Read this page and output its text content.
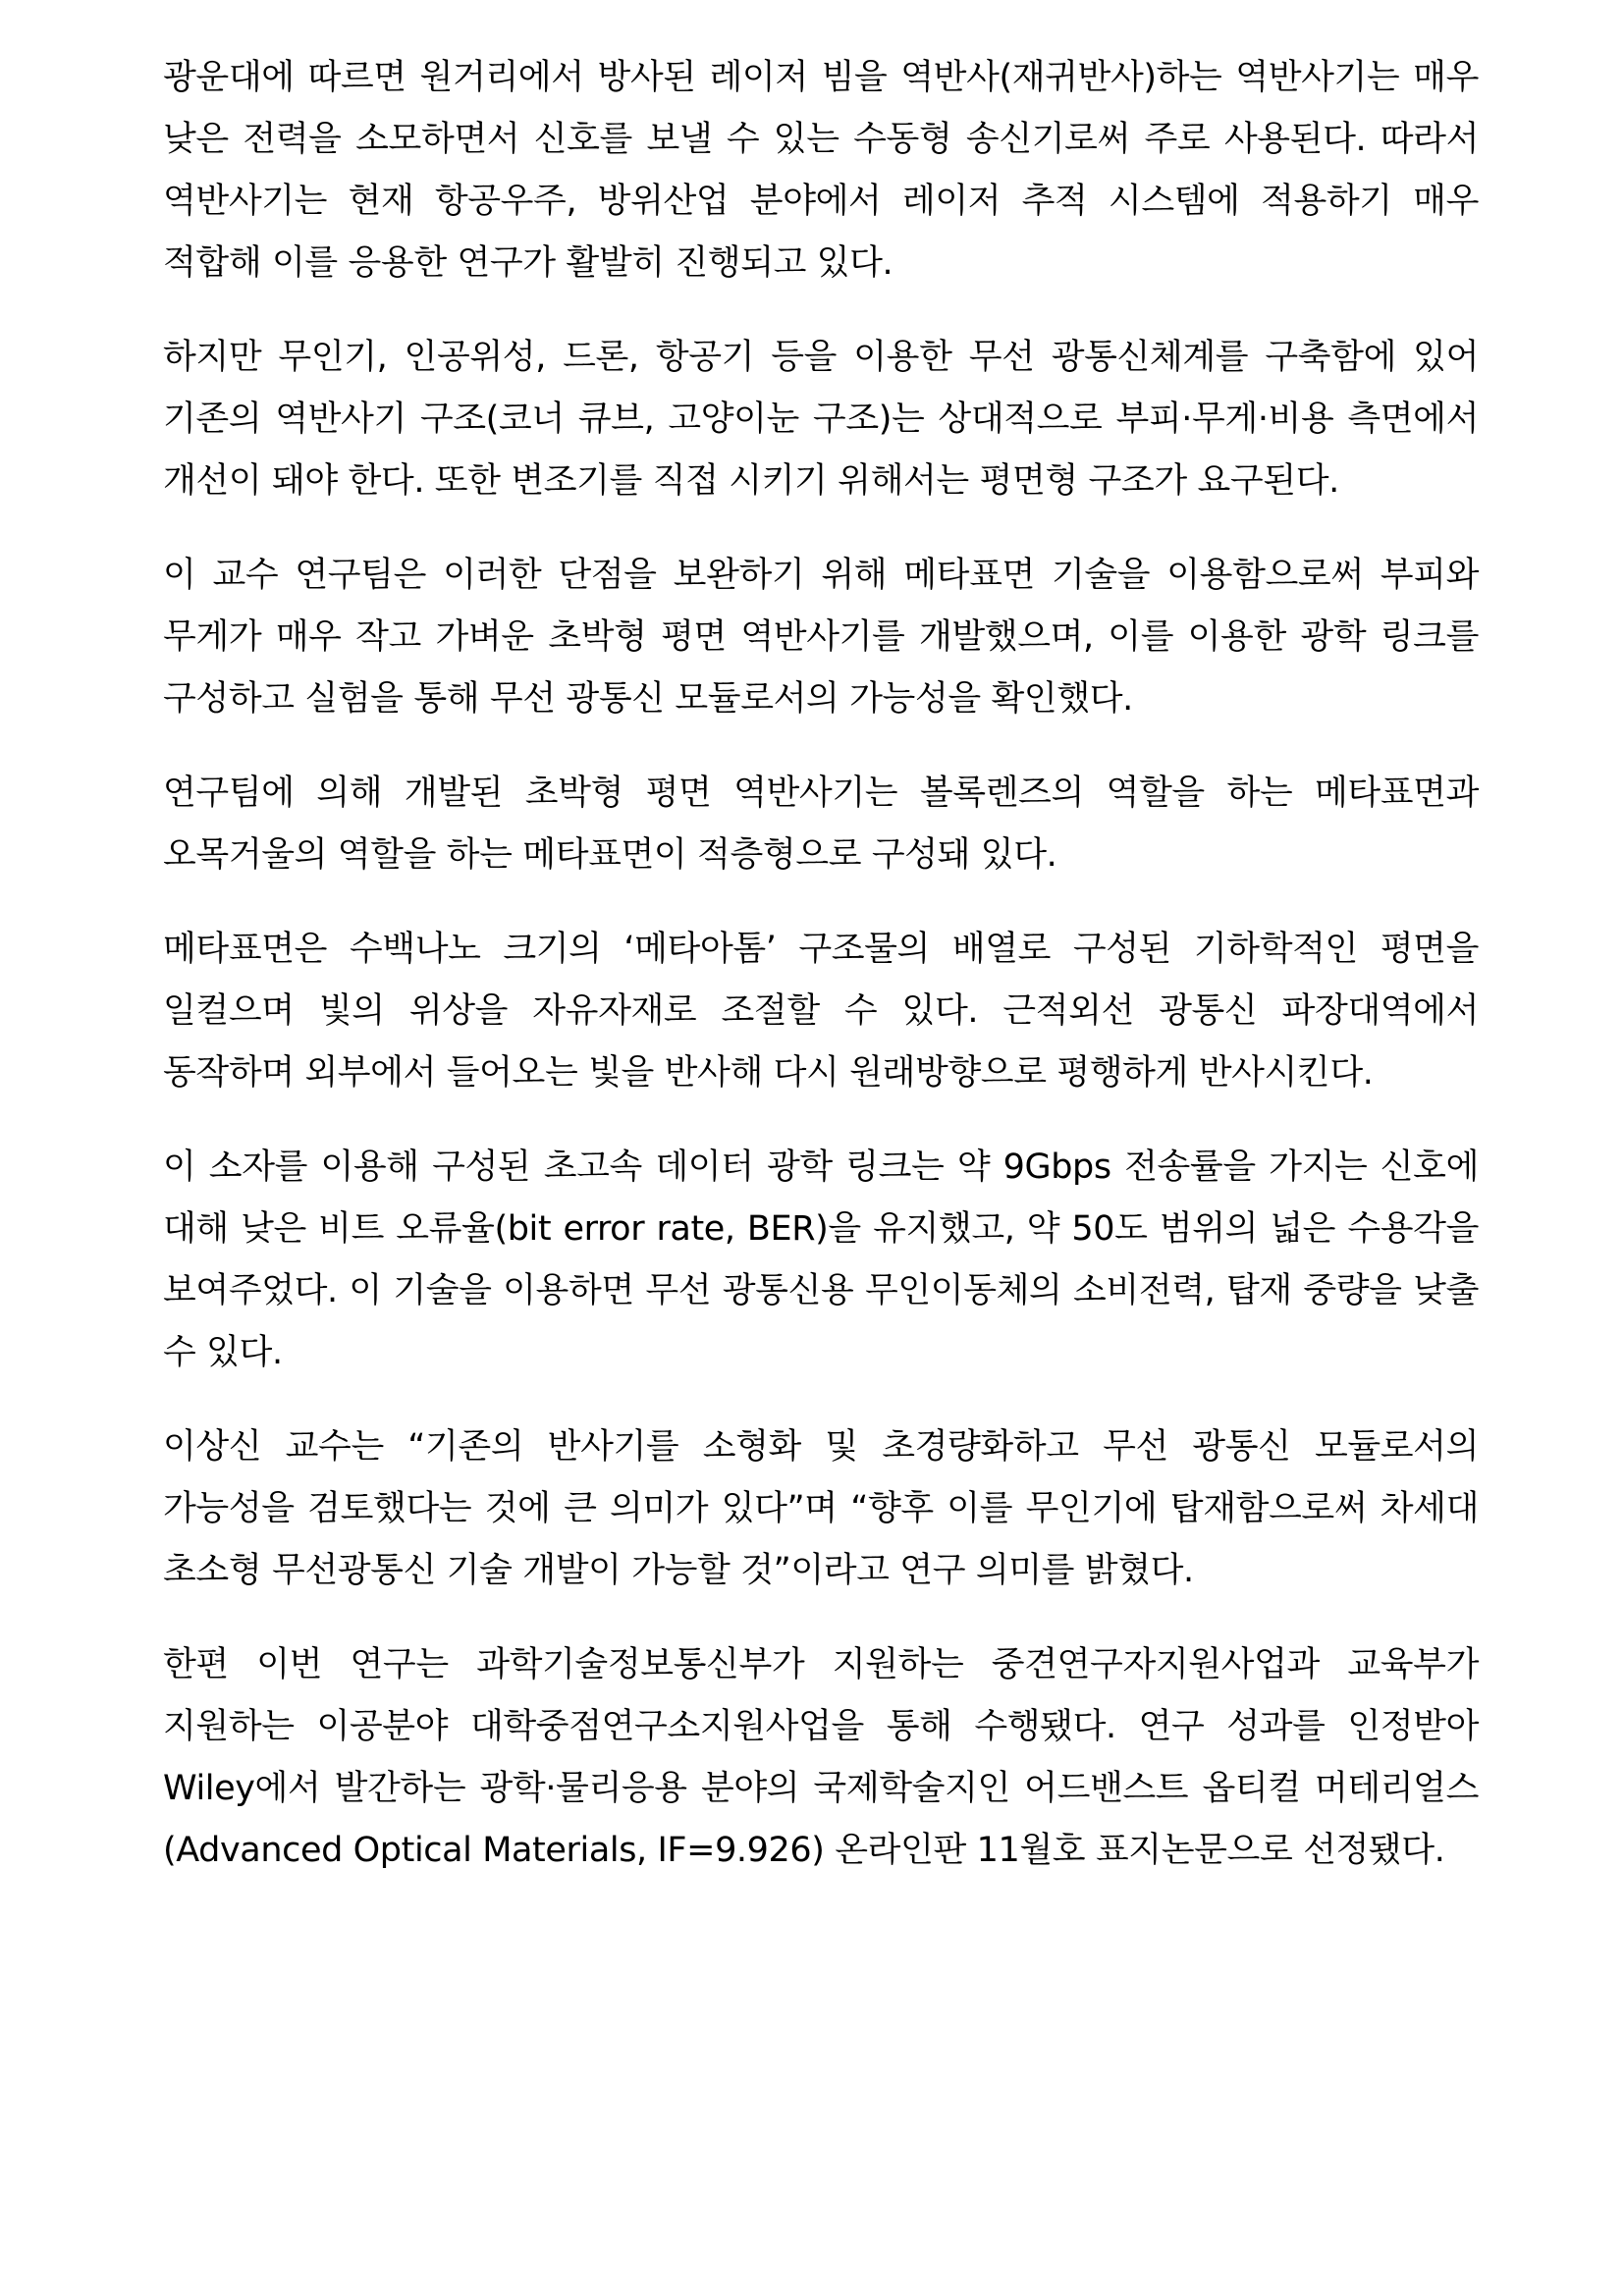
광운대에 따르면 원거리에서 방사된 레이저 빔을 역반사(재귀반사)하는 역반사기는 매우 낮은 전력을 소모하면서 신호를 보낼 수 있는 수동형 송신기로써 주로 사용된다. 따라서 역반사기는 현재 항공우주, 방위산업 분야에서 레이저 추적 시스템에 적용하기 매우 적합해 이를 응용한 연구가 활발히 진행되고 있다.

하지만 무인기, 인공위성, 드론, 항공기 등을 이용한 무선 광통신체계를 구축함에 있어 기존의 역반사기 구조(코너 큐브, 고양이눈 구조)는 상대적으로 부피·무게·비용 측면에서 개선이 돼야 한다. 또한 변조기를 직접 시키기 위해서는 평면형 구조가 요구된다.

이 교수 연구팀은 이러한 단점을 보완하기 위해 메타표면 기술을 이용함으로써 부피와 무게가 매우 작고 가벼운 초박형 평면 역반사기를 개발했으며, 이를 이용한 광학 링크를 구성하고 실험을 통해 무선 광통신 모듈로서의 가능성을 확인했다.

연구팀에 의해 개발된 초박형 평면 역반사기는 볼록렌즈의 역할을 하는 메타표면과 오목거울의 역할을 하는 메타표면이 적층형으로 구성돼 있다.

메타표면은 수백나노 크기의 ‘메타아톰’ 구조물의 배열로 구성된 기하학적인 평면을 일컬으며 빛의 위상을 자유자재로 조절할 수 있다. 근적외선 광통신 파장대역에서 동작하며 외부에서 들어오는 빛을 반사해 다시 원래방향으로 평행하게 반사시킨다.

이 소자를 이용해 구성된 초고속 데이터 광학 링크는 약 9Gbps 전송률을 가지는 신호에 대해 낮은 비트 오류율(bit error rate, BER)을 유지했고, 약 50도 범위의 넓은 수용각을 보여주었다. 이 기술을 이용하면 무선 광통신용 무인이동체의 소비전력, 탑재 중량을 낮출 수 있다.

이상신 교수는 “기존의 반사기를 소형화 및 초경량화하고 무선 광통신 모듈로서의 가능성을 검토했다는 것에 큰 의미가 있다”며 “향후 이를 무인기에 탑재함으로써 차세대 초소형 무선광통신 기술 개발이 가능할 것”이라고 연구 의미를 밝혔다.

한편 이번 연구는 과학기술정보통신부가 지원하는 중견연구자지원사업과 교육부가 지원하는 이공분야 대학중점연구소지원사업을 통해 수행됐다. 연구 성과를 인정받아 Wiley에서 발간하는 광학·물리응용 분야의 국제학술지인 어드밴스트 옵티컬 머테리얼스(Advanced Optical Materials, IF=9.926) 온라인판 11월호 표지논문으로 선정됐다.
